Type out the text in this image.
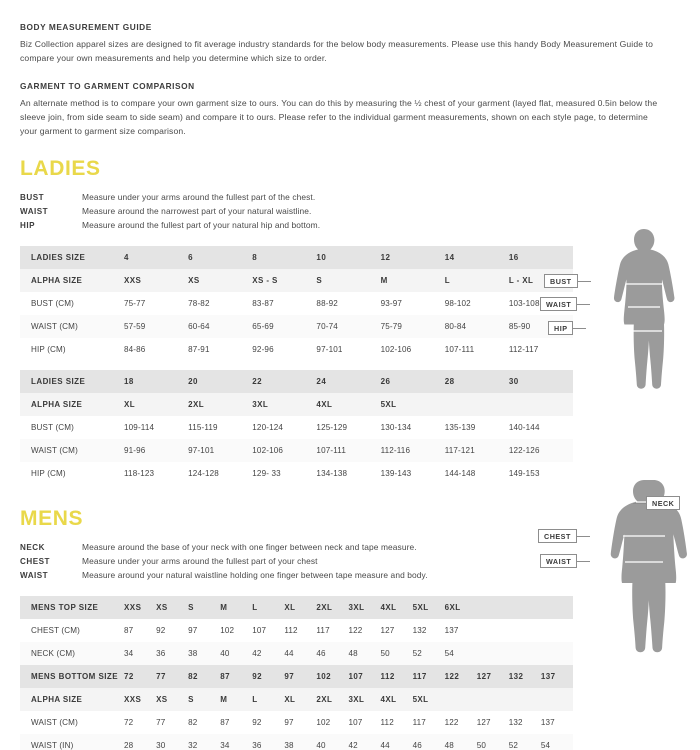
BODY MEASUREMENT GUIDE

Biz Collection apparel sizes are designed to fit average industry standards for the below body measurements. Please use this handy Body Measurement Guide to compare your own measurements and help you determine which size to order.

GARMENT TO GARMENT COMPARISON

An alternate method is to compare your own garment size to ours. You can do this by measuring the ½ chest of your garment (layed flat, measured 0.5in below the sleeve join, from side seam to side seam) and compare it to ours. Please refer to the individual garment measurements, shown on each style page, to determine your garment to garment size comparison.

LADIES
BUST	Measure under your arms around the fullest part of the chest.
WAIST	Measure around the narrowest part of your natural waistline.
HIP	Measure around the fullest part of your natural hip and bottom.
LADIES SIZE	4	6	8	10	12	14	16
ALPHA SIZE	XXS	XS	XS - S	S	M	L	L - XL
BUST (CM)	75-77	78-82	83-87	88-92	93-97	98-102	103-108
WAIST (CM)	57-59	60-64	65-69	70-74	75-79	80-84	85-90
HIP (CM)	84-86	87-91	92-96	97-101	102-106	107-111	112-117

LADIES SIZE	18	20	22	24	26	28	30
ALPHA SIZE	XL	2XL	3XL	4XL	5XL		
BUST (CM)	109-114	115-119	120-124	125-129	130-134	135-139	140-144
WAIST (CM)	91-96	97-101	102-106	107-111	112-116	117-121	122-126
HIP (CM)	118-123	124-128	129- 33	134-138	139-143	144-148	149-153
MENS
NECK	Measure around the base of your neck with one finger between neck and tape measure.
CHEST	Measure under your arms around the fullest part of your chest
WAIST	Measure around your natural waistline holding one finger between tape measure and body.
MENS TOP SIZE	XXS	XS	S	M	L	XL	2XL	3XL	4XL	5XL	6XL			
CHEST (CM)	87	92	97	102	107	112	117	122	127	132	137			
NECK (CM)	34	36	38	40	42	44	46	48	50	52	54			
MENS BOTTOM SIZE	72	77	82	87	92	97	102	107	112	117	122	127	132	137
ALPHA SIZE	XXS	XS	S	M	L	XL	2XL	3XL	4XL	5XL				
WAIST (CM)	72	77	82	87	92	97	102	107	112	117	122	127	132	137
WAIST (IN)	28	30	32	34	36	38	40	42	44	46	48	50	52	54
BUST
WAIST
HIP
NECK
CHEST
WAIST
